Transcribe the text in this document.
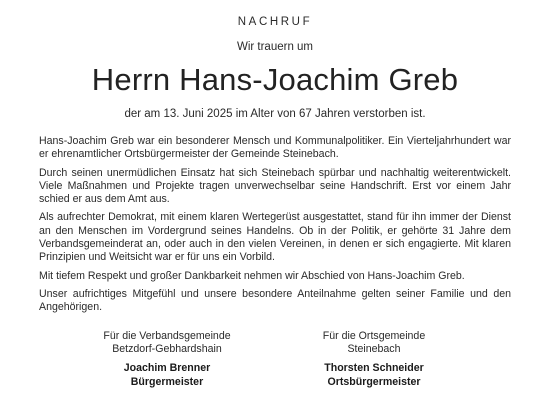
NACHRUF
Wir trauern um
Herrn Hans-Joachim Greb
der am 13. Juni 2025 im Alter von 67 Jahren verstorben ist.

Hans-Joachim Greb war ein besonderer Mensch und Kommunalpolitiker. Ein Vierteljahrhundert war er ehrenamtlicher Ortsbürgermeister der Gemeinde Steinebach.

Durch seinen unermüdlichen Einsatz hat sich Steinebach spürbar und nachhaltig weiterentwickelt. Viele Maßnahmen und Projekte tragen unverwechselbar seine Handschrift. Erst vor einem Jahr schied er aus dem Amt aus.

Als aufrechter Demokrat, mit einem klaren Wertegerüst ausgestattet, stand für ihn immer der Dienst an den Menschen im Vordergrund seines Handelns. Ob in der Politik, er gehörte 31 Jahre dem Verbandsgemeinderat an, oder auch in den vielen Vereinen, in denen er sich engagierte. Mit klaren Prinzipien und Weitsicht war er für uns ein Vorbild.

Mit tiefem Respekt und großer Dankbarkeit nehmen wir Abschied von Hans-Joachim Greb.

Unser aufrichtiges Mitgefühl und unsere besondere Anteilnahme gelten seiner Familie und den Angehörigen.

Für die Verbandsgemeinde
Betzdorf-Gebhardshain
Joachim Brenner
Bürgermeister
Für die Ortsgemeinde
Steinebach
Thorsten Schneider
Ortsbürgermeister
